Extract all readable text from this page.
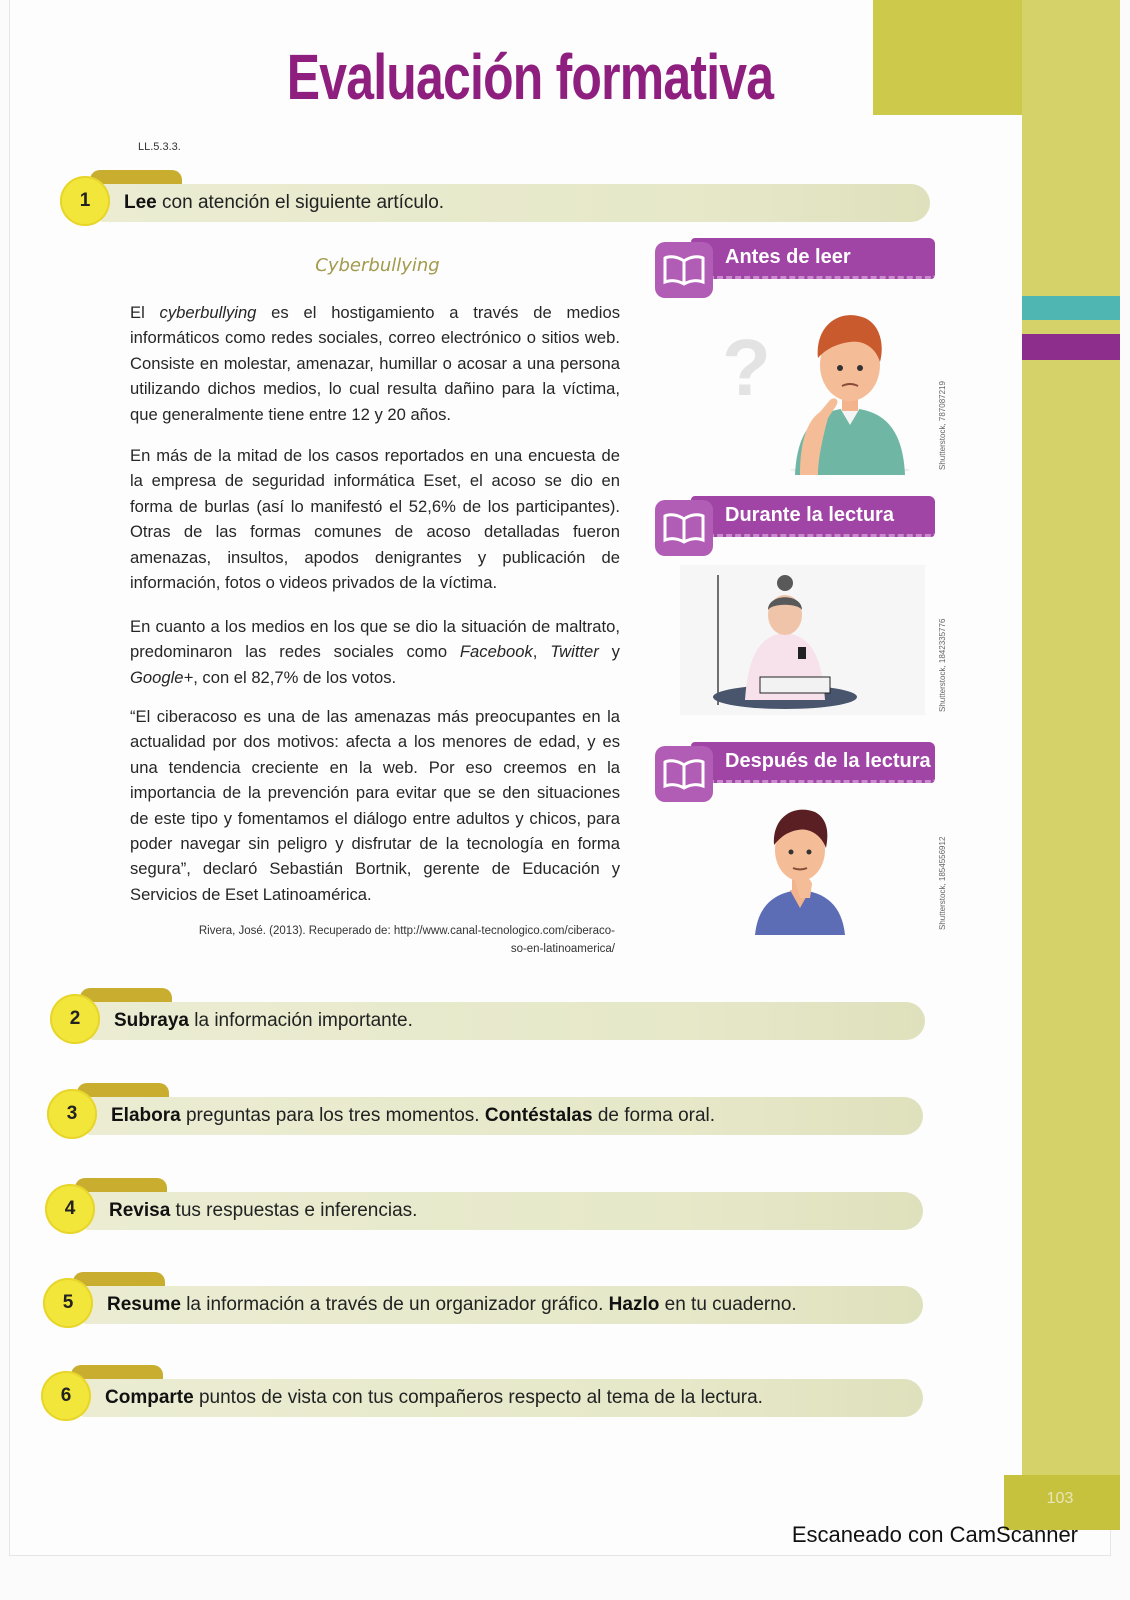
103
Evaluación formativa
LL.5.3.3.
1	Lee con atención el siguiente artículo.
Cyberbullying

El cyberbullying es el hostigamiento a través de medios informáticos como redes sociales, correo electrónico o sitios web. Consiste en molestar, amenazar, humillar o acosar a una persona utilizando dichos medios, lo cual resulta dañino para la víctima, que generalmente tiene entre 12 y 20 años.

En más de la mitad de los casos reportados en una encuesta de la empresa de seguridad informática Eset, el acoso se dio en forma de burlas (así lo manifestó el 52,6% de los participantes). Otras de las formas comunes de acoso detalladas fueron amenazas, insultos, apodos denigrantes y publicación de información, fotos o videos privados de la víctima.

En cuanto a los medios en los que se dio la situación de maltrato, predominaron las redes sociales como Facebook, Twitter y Google+, con el 82,7% de los votos.

“El ciberacoso es una de las amenazas más preocupantes en la actualidad por dos motivos: afecta a los menores de edad, y es una tendencia creciente en la web. Por eso creemos en la importancia de la prevención para evitar que se den situaciones de este tipo y fomentamos el diálogo entre adultos y chicos, para poder navegar sin peligro y disfrutar de la tecnología en forma segura”, declaró Sebastián Bortnik, gerente de Educación y Servicios de Eset Latinoamérica.

Rivera, José. (2013). Recuperado de: http://www.canal-tecnologico.com/ciberaco-
so-en-latinoamerica/
Antes de leer
?
Shutterstock, 787087219
Durante la lectura
Shutterstock, 1842335776
Después de la lectura
Shutterstock, 1854556912
2	Subraya la información importante.
3	Elabora preguntas para los tres momentos. Contéstalas de forma oral.
4	Revisa tus respuestas e inferencias.
5	Resume la información a través de un organizador gráfico. Hazlo en tu cuaderno.
6	Comparte puntos de vista con tus compañeros respecto al tema de la lectura.
Escaneado con CamScanner
